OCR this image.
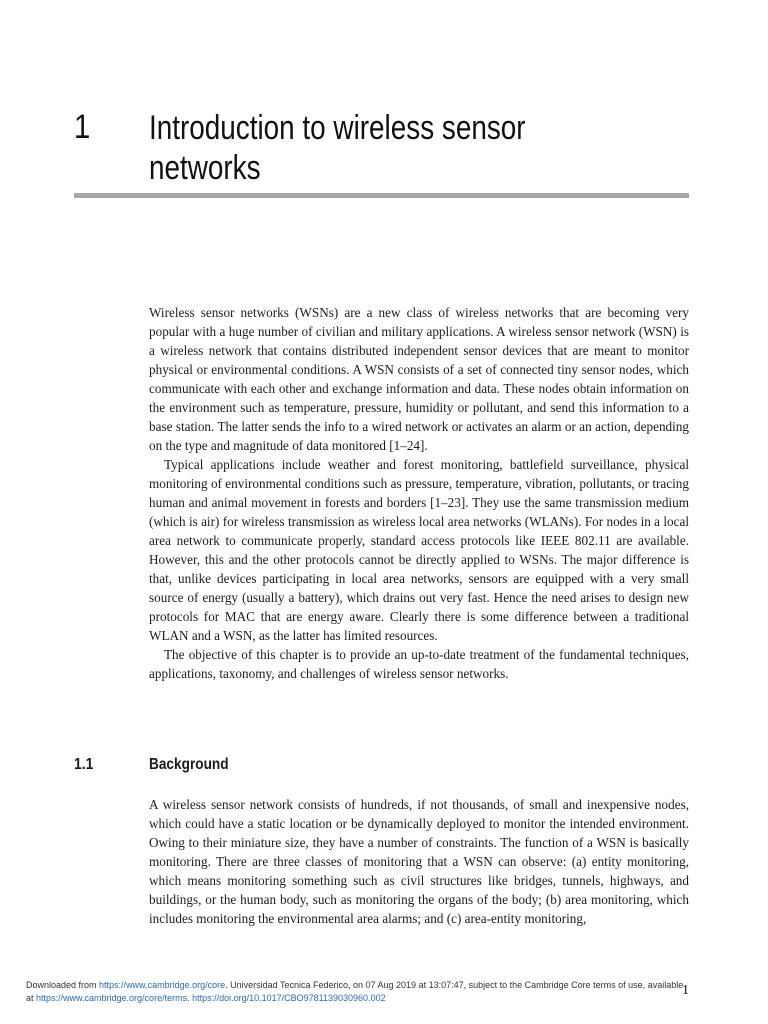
1 Introduction to wireless sensor networks

Wireless sensor networks (WSNs) are a new class of wireless networks that are becoming very popular with a huge number of civilian and military applications. A wireless sensor network (WSN) is a wireless network that contains distributed independent sensor devices that are meant to monitor physical or environmental conditions. A WSN consists of a set of connected tiny sensor nodes, which communicate with each other and exchange information and data. These nodes obtain information on the environment such as temperature, pressure, humidity or pollutant, and send this information to a base station. The latter sends the info to a wired network or activates an alarm or an action, depending on the type and magnitude of data monitored [1–24].

Typical applications include weather and forest monitoring, battlefield surveillance, physical monitoring of environmental conditions such as pressure, temperature, vibration, pollutants, or tracing human and animal movement in forests and borders [1–23]. They use the same transmission medium (which is air) for wireless transmission as wireless local area networks (WLANs). For nodes in a local area network to communicate properly, standard access protocols like IEEE 802.11 are available. However, this and the other protocols cannot be directly applied to WSNs. The major difference is that, unlike devices participating in local area networks, sensors are equipped with a very small source of energy (usually a battery), which drains out very fast. Hence the need arises to design new protocols for MAC that are energy aware. Clearly there is some difference between a traditional WLAN and a WSN, as the latter has limited resources.

The objective of this chapter is to provide an up-to-date treatment of the fundamental techniques, applications, taxonomy, and challenges of wireless sensor networks.

1.1	Background

A wireless sensor network consists of hundreds, if not thousands, of small and inexpensive nodes, which could have a static location or be dynamically deployed to monitor the intended environment. Owing to their miniature size, they have a number of constraints. The function of a WSN is basically monitoring. There are three classes of monitoring that a WSN can observe: (a) entity monitoring, which means monitoring something such as civil structures like bridges, tunnels, highways, and buildings, or the human body, such as monitoring the organs of the body; (b) area monitoring, which includes monitoring the environmental area alarms; and (c) area-entity monitoring,

Downloaded from https://www.cambridge.org/core. Universidad Tecnica Federico, on 07 Aug 2019 at 13:07:47, subject to the Cambridge Core terms of use, available
at https://www.cambridge.org/core/terms. https://doi.org/10.1017/CBO9781139030960.002	1
